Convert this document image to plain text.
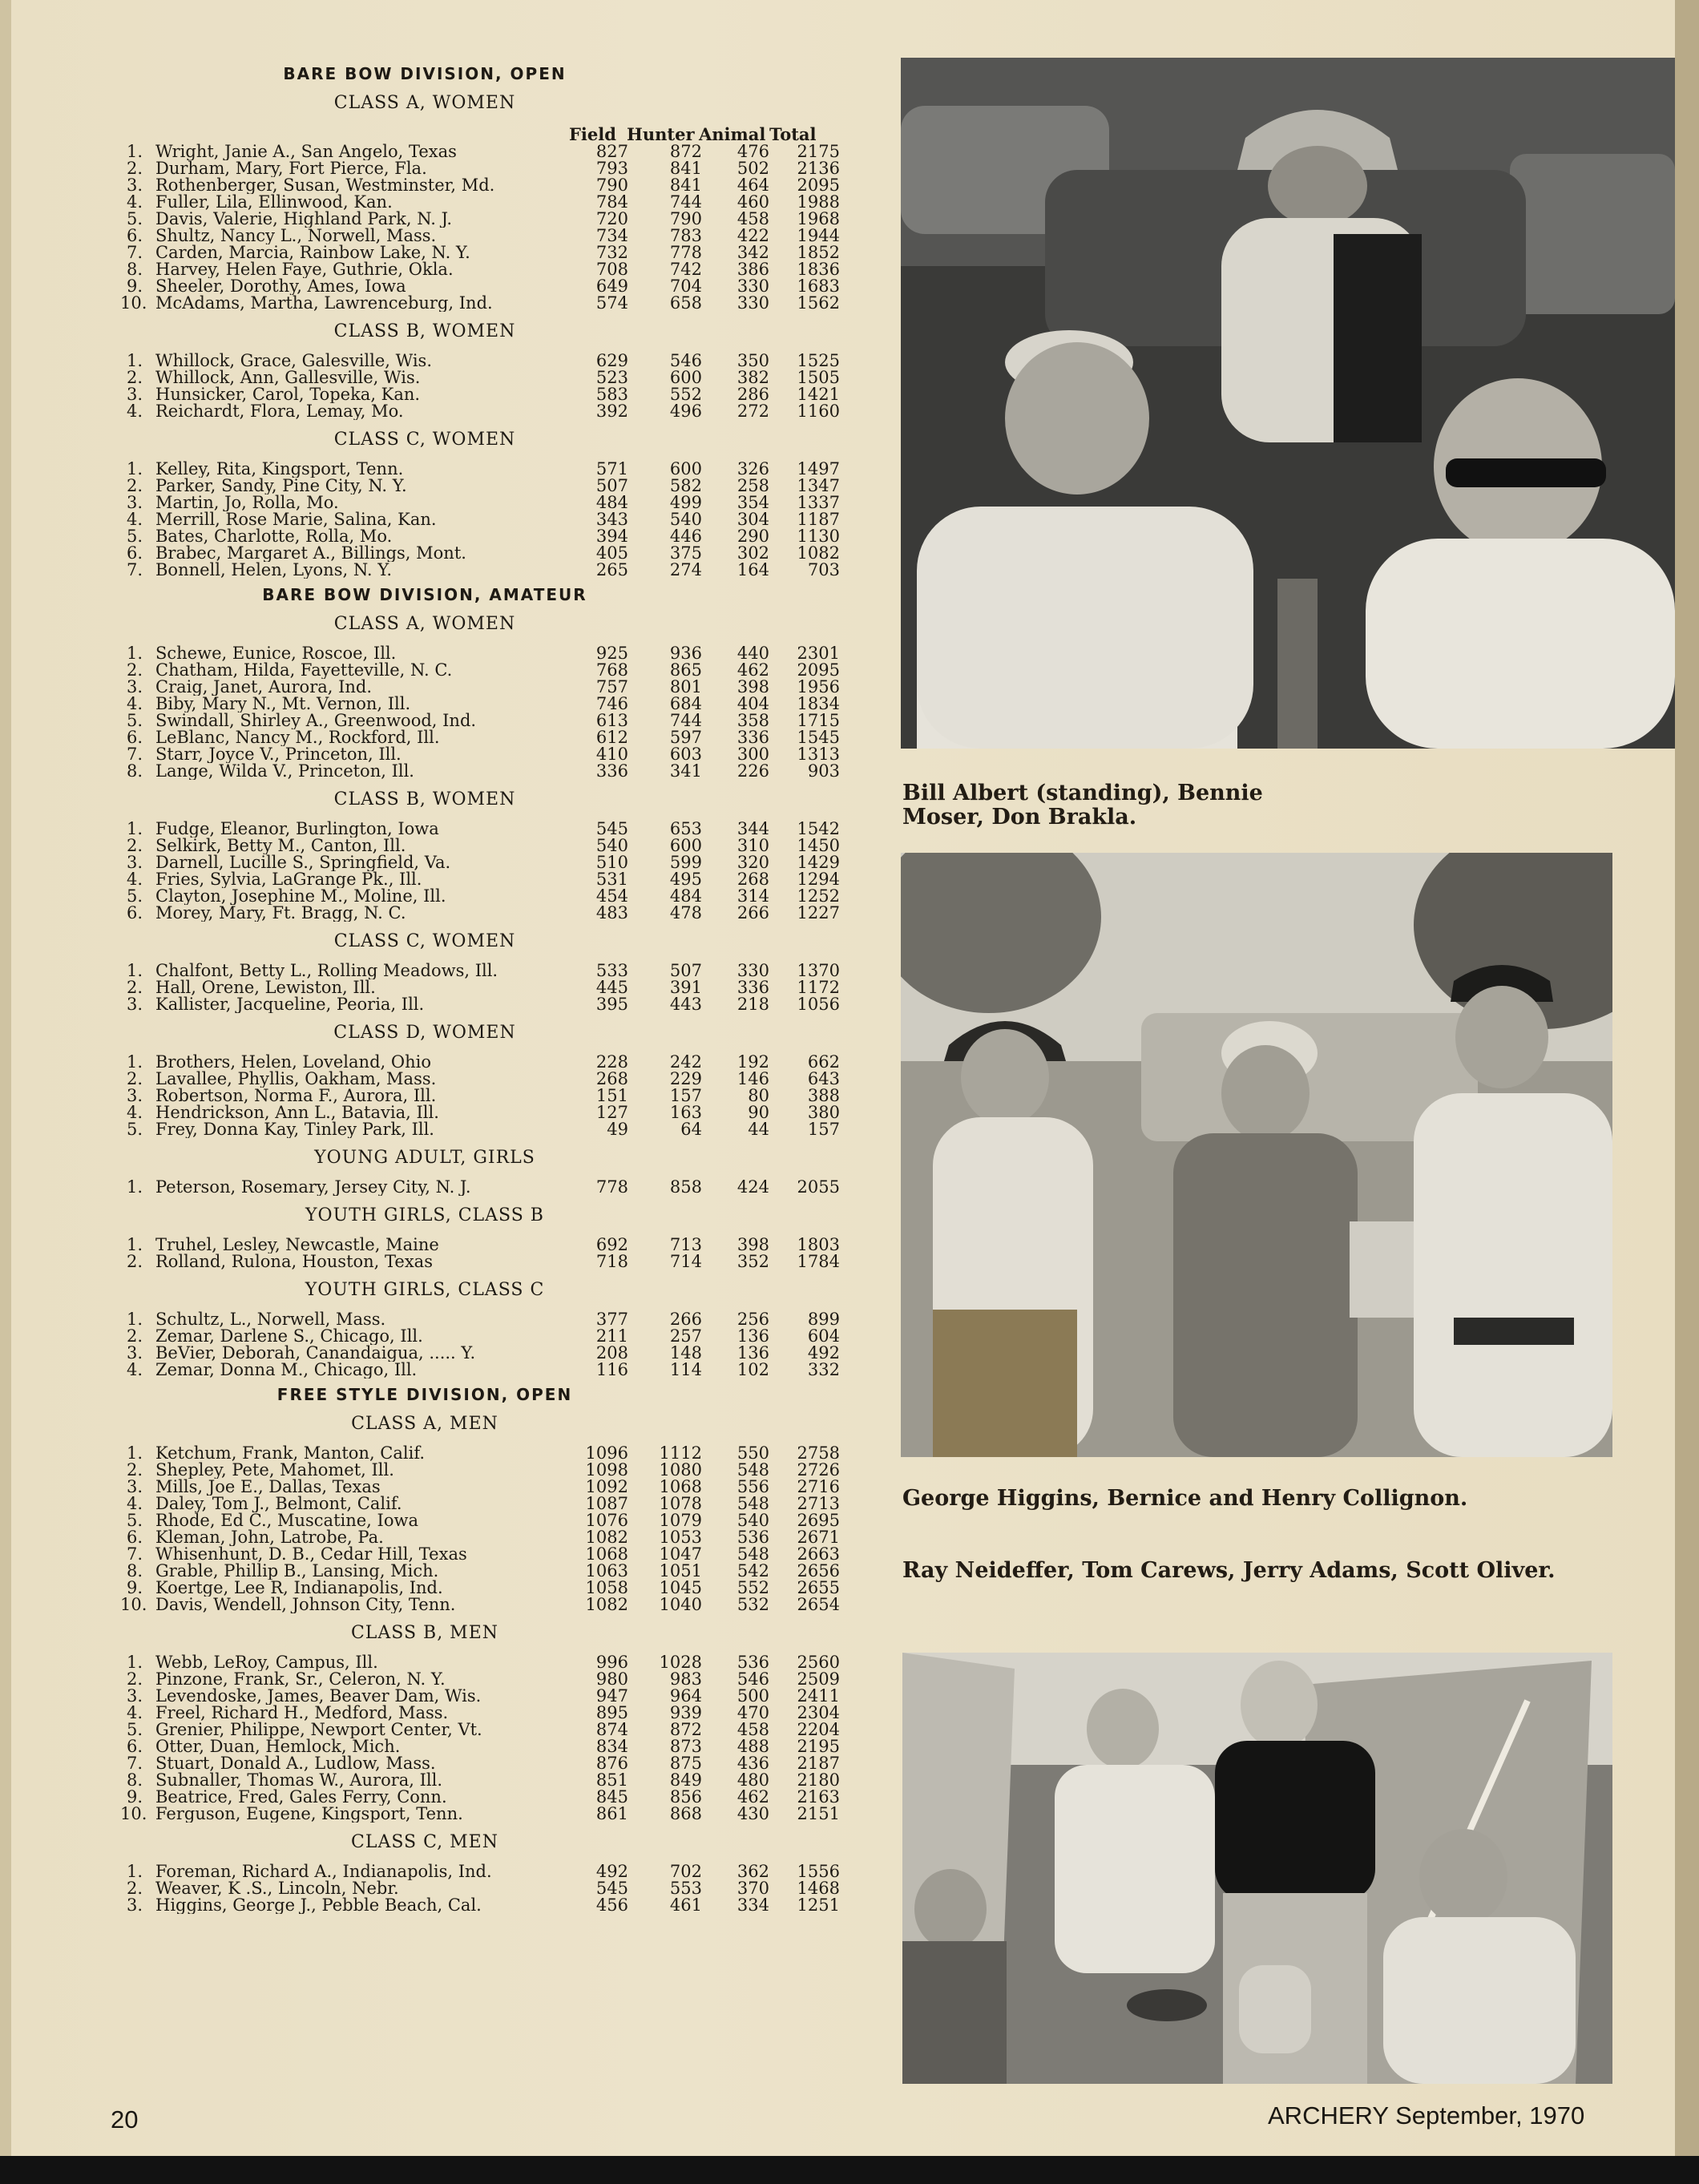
BARE BOW DIVISION, OPEN
CLASS A, WOMEN
Field Hunter Animal Total
1. Wright, Janie A., San Angelo, Texas	827	872	476	2175
2. Durham, Mary, Fort Pierce, Fla.	793	841	502	2136
3. Rothenberger, Susan, Westminster, Md.	790	841	464	2095
4. Fuller, Lila, Ellinwood, Kan.	784	744	460	1988
5. Davis, Valerie, Highland Park, N. J.	720	790	458	1968
6. Shultz, Nancy L., Norwell, Mass.	734	783	422	1944
7. Carden, Marcia, Rainbow Lake, N. Y.	732	778	342	1852
8. Harvey, Helen Faye, Guthrie, Okla.	708	742	386	1836
9. Sheeler, Dorothy, Ames, Iowa	649	704	330	1683
10. McAdams, Martha, Lawrenceburg, Ind.	574	658	330	1562
CLASS B, WOMEN
1. Whillock, Grace, Galesville, Wis.	629	546	350	1525
2. Whillock, Ann, Gallesville, Wis.	523	600	382	1505
3. Hunsicker, Carol, Topeka, Kan.	583	552	286	1421
4. Reichardt, Flora, Lemay, Mo.	392	496	272	1160
CLASS C, WOMEN
1. Kelley, Rita, Kingsport, Tenn.	571	600	326	1497
2. Parker, Sandy, Pine City, N. Y.	507	582	258	1347
3. Martin, Jo, Rolla, Mo.	484	499	354	1337
4. Merrill, Rose Marie, Salina, Kan.	343	540	304	1187
5. Bates, Charlotte, Rolla, Mo.	394	446	290	1130
6. Brabec, Margaret A., Billings, Mont.	405	375	302	1082
7. Bonnell, Helen, Lyons, N. Y.	265	274	164	703
BARE BOW DIVISION, AMATEUR
CLASS A, WOMEN
1. Schewe, Eunice, Roscoe, Ill.	925	936	440	2301
2. Chatham, Hilda, Fayetteville, N. C.	768	865	462	2095
3. Craig, Janet, Aurora, Ind.	757	801	398	1956
4. Biby, Mary N., Mt. Vernon, Ill.	746	684	404	1834
5. Swindall, Shirley A., Greenwood, Ind.	613	744	358	1715
6. LeBlanc, Nancy M., Rockford, Ill.	612	597	336	1545
7. Starr, Joyce V., Princeton, Ill.	410	603	300	1313
8. Lange, Wilda V., Princeton, Ill.	336	341	226	903
CLASS B, WOMEN
1. Fudge, Eleanor, Burlington, Iowa	545	653	344	1542
2. Selkirk, Betty M., Canton, Ill.	540	600	310	1450
3. Darnell, Lucille S., Springfield, Va.	510	599	320	1429
4. Fries, Sylvia, LaGrange Pk., Ill.	531	495	268	1294
5. Clayton, Josephine M., Moline, Ill.	454	484	314	1252
6. Morey, Mary, Ft. Bragg, N. C.	483	478	266	1227
CLASS C, WOMEN
1. Chalfont, Betty L., Rolling Meadows, Ill.	533	507	330	1370
2. Hall, Orene, Lewiston, Ill.	445	391	336	1172
3. Kallister, Jacqueline, Peoria, Ill.	395	443	218	1056
CLASS D, WOMEN
1. Brothers, Helen, Loveland, Ohio	228	242	192	662
2. Lavallee, Phyllis, Oakham, Mass.	268	229	146	643
3. Robertson, Norma F., Aurora, Ill.	151	157	80	388
4. Hendrickson, Ann L., Batavia, Ill.	127	163	90	380
5. Frey, Donna Kay, Tinley Park, Ill.	49	64	44	157
YOUNG ADULT, GIRLS
1. Peterson, Rosemary, Jersey City, N. J.	778	858	424	2055
YOUTH GIRLS, CLASS B
1. Truhel, Lesley, Newcastle, Maine	692	713	398	1803
2. Rolland, Rulona, Houston, Texas	718	714	352	1784
YOUTH GIRLS, CLASS C
1. Schultz, L., Norwell, Mass.	377	266	256	899
2. Zemar, Darlene S., Chicago, Ill.	211	257	136	604
3. BeVier, Deborah, Canandaigua, ..... Y.	208	148	136	492
4. Zemar, Donna M., Chicago, Ill.	116	114	102	332
FREE STYLE DIVISION, OPEN
CLASS A, MEN
1. Ketchum, Frank, Manton, Calif.	1096	1112	550	2758
2. Shepley, Pete, Mahomet, Ill.	1098	1080	548	2726
3. Mills, Joe E., Dallas, Texas	1092	1068	556	2716
4. Daley, Tom J., Belmont, Calif.	1087	1078	548	2713
5. Rhode, Ed C., Muscatine, Iowa	1076	1079	540	2695
6. Kleman, John, Latrobe, Pa.	1082	1053	536	2671
7. Whisenhunt, D. B., Cedar Hill, Texas	1068	1047	548	2663
8. Grable, Phillip B., Lansing, Mich.	1063	1051	542	2656
9. Koertge, Lee R, Indianapolis, Ind.	1058	1045	552	2655
10. Davis, Wendell, Johnson City, Tenn.	1082	1040	532	2654
CLASS B, MEN
1. Webb, LeRoy, Campus, Ill.	996	1028	536	2560
2. Pinzone, Frank, Sr., Celeron, N. Y.	980	983	546	2509
3. Levendoske, James, Beaver Dam, Wis.	947	964	500	2411
4. Freel, Richard H., Medford, Mass.	895	939	470	2304
5. Grenier, Philippe, Newport Center, Vt.	874	872	458	2204
6. Otter, Duan, Hemlock, Mich.	834	873	488	2195
7. Stuart, Donald A., Ludlow, Mass.	876	875	436	2187
8. Subnaller, Thomas W., Aurora, Ill.	851	849	480	2180
9. Beatrice, Fred, Gales Ferry, Conn.	845	856	462	2163
10. Ferguson, Eugene, Kingsport, Tenn.	861	868	430	2151
CLASS C, MEN
1. Foreman, Richard A., Indianapolis, Ind.	492	702	362	1556
2. Weaver, K .S., Lincoln, Nebr.	545	553	370	1468
3. Higgins, George J., Pebble Beach, Cal.	456	461	334	1251
Bill Albert (standing), Bennie Moser, Don Brakla.
George Higgins, Bernice and Henry Collignon.
Ray Neideffer, Tom Carews, Jerry Adams, Scott Oliver.
20	ARCHERY September, 1970
